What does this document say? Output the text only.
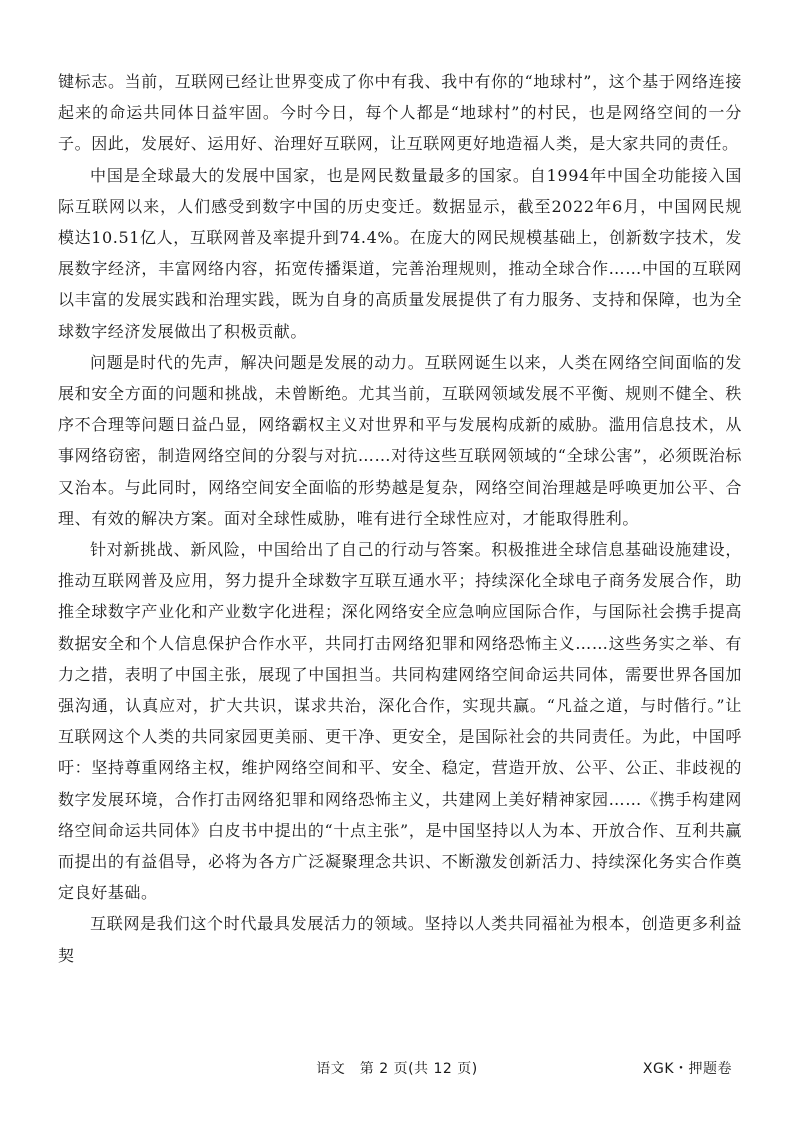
键标志。当前，互联网已经让世界变成了你中有我、我中有你的“地球村”，这个基于网络连接起来的命运共同体日益牢固。今时今日，每个人都是“地球村”的村民，也是网络空间的一分子。因此，发展好、运用好、治理好互联网，让互联网更好地造福人类，是大家共同的责任。

中国是全球最大的发展中国家，也是网民数量最多的国家。自1994年中国全功能接入国际互联网以来，人们感受到数字中国的历史变迁。数据显示，截至2022年6月，中国网民规模达10.51亿人，互联网普及率提升到74.4%。在庞大的网民规模基础上，创新数字技术，发展数字经济，丰富网络内容，拓宽传播渠道，完善治理规则，推动全球合作……中国的互联网以丰富的发展实践和治理实践，既为自身的高质量发展提供了有力服务、支持和保障，也为全球数字经济发展做出了积极贡献。

问题是时代的先声，解决问题是发展的动力。互联网诞生以来，人类在网络空间面临的发展和安全方面的问题和挑战，未曾断绝。尤其当前，互联网领域发展不平衡、规则不健全、秩序不合理等问题日益凸显，网络霸权主义对世界和平与发展构成新的威胁。滥用信息技术，从事网络窃密，制造网络空间的分裂与对抗……对待这些互联网领域的“全球公害”，必须既治标又治本。与此同时，网络空间安全面临的形势越是复杂，网络空间治理越是呼唤更加公平、合理、有效的解决方案。面对全球性威胁，唯有进行全球性应对，才能取得胜利。

针对新挑战、新风险，中国给出了自己的行动与答案。积极推进全球信息基础设施建设，推动互联网普及应用，努力提升全球数字互联互通水平；持续深化全球电子商务发展合作，助推全球数字产业化和产业数字化进程；深化网络安全应急响应国际合作，与国际社会携手提高数据安全和个人信息保护合作水平，共同打击网络犯罪和网络恐怖主义……这些务实之举、有力之措，表明了中国主张，展现了中国担当。共同构建网络空间命运共同体，需要世界各国加强沟通，认真应对，扩大共识，谋求共治，深化合作，实现共赢。“凡益之道，与时偕行。”让互联网这个人类的共同家园更美丽、更干净、更安全，是国际社会的共同责任。为此，中国呼吁：坚持尊重网络主权，维护网络空间和平、安全、稳定，营造开放、公平、公正、非歧视的数字发展环境，合作打击网络犯罪和网络恐怖主义，共建网上美好精神家园……《携手构建网络空间命运共同体》白皮书中提出的“十点主张”，是中国坚持以人为本、开放合作、互利共赢而提出的有益倡导，必将为各方广泛凝聚理念共识、不断激发创新活力、持续深化务实合作奠定良好基础。

互联网是我们这个时代最具发展活力的领域。坚持以人类共同福祉为根本，创造更多利益契

语文　第 2 页(共 12 页)	XGK・押题卷
